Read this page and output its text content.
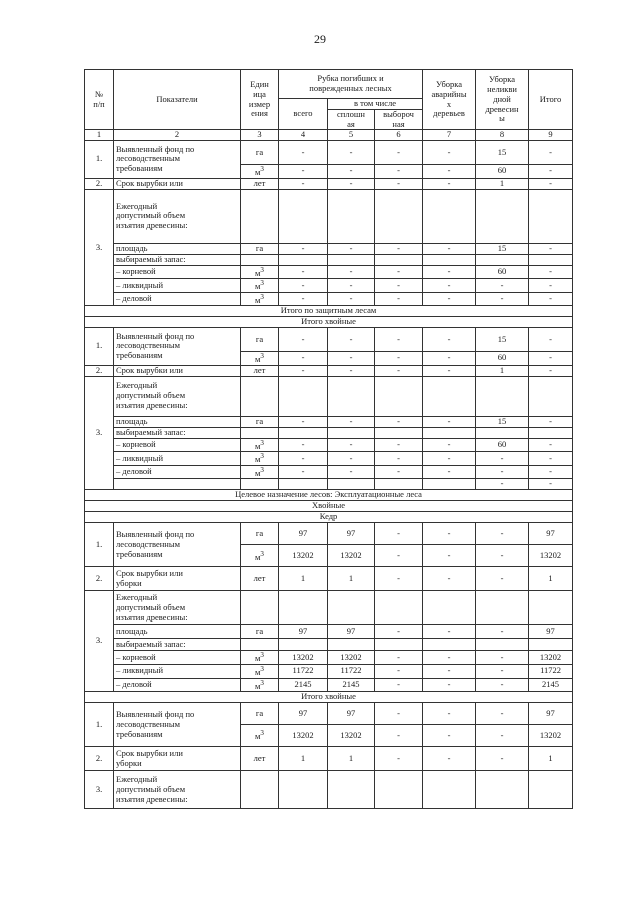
29
№
п/п	Показатели	Един
ица
измер
ения	Рубка погибших и
поврежденных лесных			Уборка
аварийны
х
деревьев	Уборка
неликви
дной
древесин
ы	Итого
			всего	в том числе				
				сплошн
ая	выбороч
ная			
1	2	3	4	5	6	7	8	9
1.	Выявленный фонд по
лесоводственным
требованиям	га	-	-	-	-	15	-
		$м^3$	-	-	-	-	60	-
2.	Срок вырубки или	лет	-	-	-	-	1	-
3.	Ежегодный
допустимый объем
изъятия древесины:							
	площадь	га	-	-	-	-	15	-
	выбираемый запас:							
	– корневой	$м^3$	-	-	-	-	60	-
	– ликвидный	$м^3$	-	-	-	-	-	-
	– деловой	$м^3$	-	-	-	-	-	-
Итого по защитным лесам								
Итого хвойные								
1.	Выявленный фонд по
лесоводственным
требованиям	га	-	-	-	-	15	-
		$м^3$	-	-	-	-	60	-
2.	Срок вырубки или	лет	-	-	-	-	1	-
3.	Ежегодный
допустимый объем
изъятия древесины:							
	площадь	га	-	-	-	-	15	-
	выбираемый запас:							
	– корневой	$м^3$	-	-	-	-	60	-
	– ликвидный	$м^3$	-	-	-	-	-	-
	– деловой	$м^3$	-	-	-	-	-	-
							-	-
Целевое назначение лесов: Эксплуатационные леса								
Хвойные								
Кедр								
1.	Выявленный фонд по
лесоводственным
требованиям	га	97	97	-	-	-	97
		$м^3$	13202	13202	-	-	-	13202
2.	Срок вырубки или
уборки	лет	1	1	-	-	-	1
3.	Ежегодный
допустимый объем
изъятия древесины:							
	площадь	га	97	97	-	-	-	97
	выбираемый запас:							
	– корневой	$м^3$	13202	13202	-	-	-	13202
	– ликвидный	$м^3$	11722	11722	-	-	-	11722
	– деловой	$м^3$	2145	2145	-	-	-	2145
Итого хвойные								
1.	Выявленный фонд по
лесоводственным
требованиям	га	97	97	-	-	-	97
		$м^3$	13202	13202	-	-	-	13202
2.	Срок вырубки или
уборки	лет	1	1	-	-	-	1
3.	Ежегодный
допустимый объем
изъятия древесины:							
